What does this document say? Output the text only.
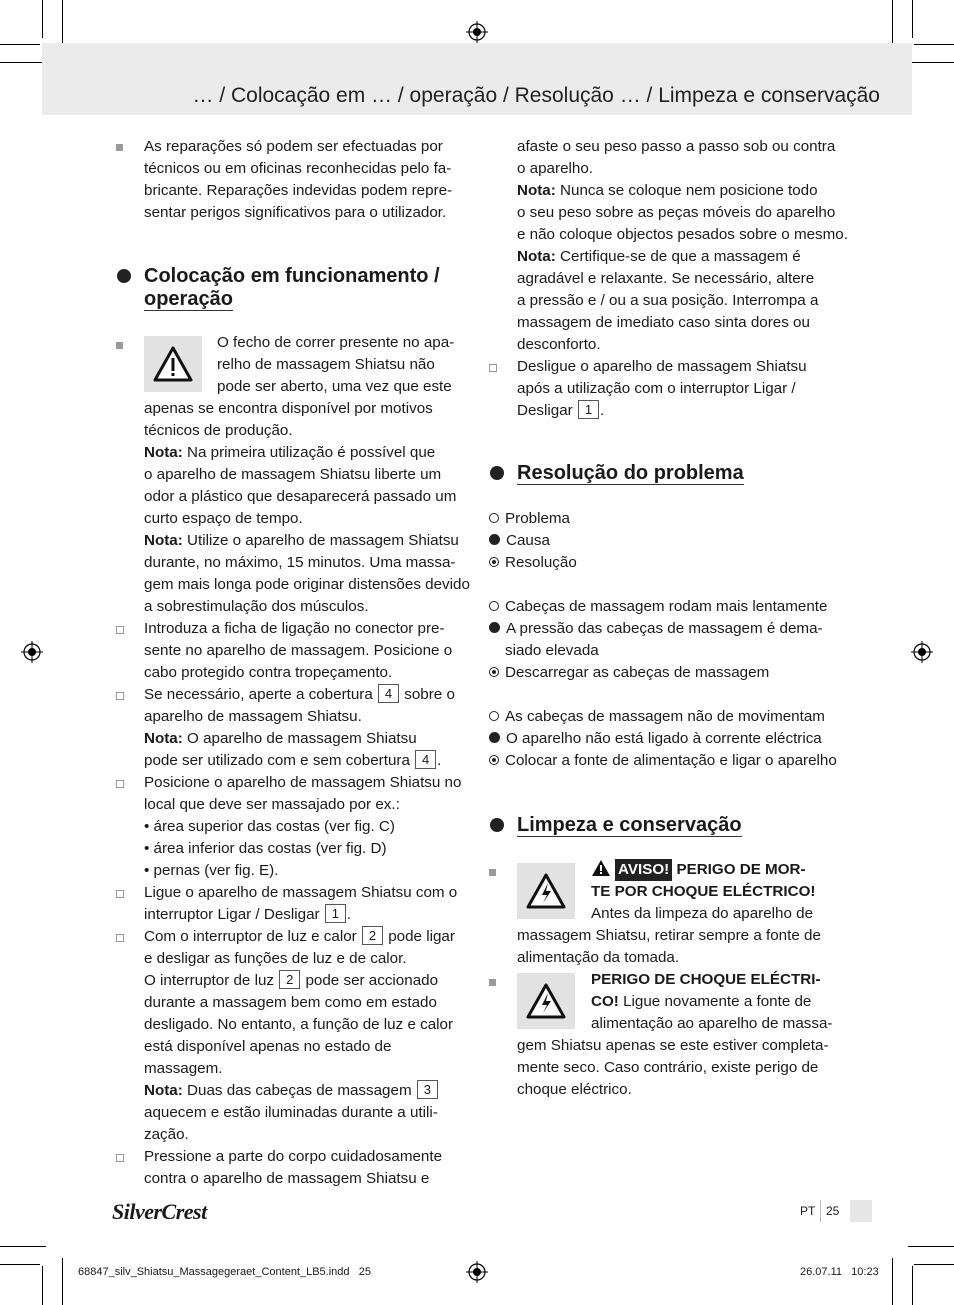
… / Colocação em … / operação / Resolução … / Limpeza e conservação
As reparações só podem ser efectuadas por
técnicos ou em oficinas reconhecidas pelo fa-
bricante. Reparações indevidas podem repre-
sentar perigos significativos para o utilizador.
Colocação em funcionamento /
operação
O fecho de correr presente no apa-
relho de massagem Shiatsu não
pode ser aberto, uma vez que este
apenas se encontra disponível por motivos
técnicos de produção.
Nota: Na primeira utilização é possível que
o aparelho de massagem Shiatsu liberte um
odor a plástico que desaparecerá passado um
curto espaço de tempo.
Nota: Utilize o aparelho de massagem Shiatsu
durante, no máximo, 15 minutos. Uma massa-
gem mais longa pode originar distensões devido
a sobrestimulação dos músculos.
Introduza a ficha de ligação no conector pre-
sente no aparelho de massagem. Posicione o
cabo protegido contra tropeçamento.
Se necessário, aperte a cobertura 4 sobre o
aparelho de massagem Shiatsu.
Nota: O aparelho de massagem Shiatsu
pode ser utilizado com e sem cobertura 4 .
Posicione o aparelho de massagem Shiatsu no
local que deve ser massajado por ex.:
• área superior das costas (ver fig. C)
• área inferior das costas (ver fig. D)
• pernas (ver fig. E).
Ligue o aparelho de massagem Shiatsu com o
interruptor Ligar / Desligar 1 .
Com o interruptor de luz e calor 2 pode ligar
e desligar as funções de luz e de calor.
O interruptor de luz 2 pode ser accionado
durante a massagem bem como em estado
desligado. No entanto, a função de luz e calor
está disponível apenas no estado de massagem.
Nota: Duas das cabeças de massagem 3
aquecem e estão iluminadas durante a utili-
zação.
Pressione a parte do corpo cuidadosamente
contra o aparelho de massagem Shiatsu e
afaste o seu peso passo a passo sob ou contra
o aparelho.
Nota: Nunca se coloque nem posicione todo
o seu peso sobre as peças móveis do aparelho
e não coloque objectos pesados sobre o mesmo.
Nota: Certifique-se de que a massagem é
agradável e relaxante. Se necessário, altere
a pressão e / ou a sua posição. Interrompa a
massagem de imediato caso sinta dores ou
desconforto.
Desligue o aparelho de massagem Shiatsu
após a utilização com o interruptor Ligar /
Desligar 1 .
Resolução do problema
Problema
Causa
Resolução
Cabeças de massagem rodam mais lentamente
A pressão das cabeças de massagem é dema-
siado elevada
Descarregar as cabeças de massagem
As cabeças de massagem não de movimentam
O aparelho não está ligado à corrente eléctrica
Colocar a fonte de alimentação e ligar o aparelho
Limpeza e conservação
AVISO! PERIGO DE MOR-
TE POR CHOQUE ELÉCTRICO!
Antes da limpeza do aparelho de
massagem Shiatsu, retirar sempre a fonte de
alimentação da tomada.
PERIGO DE CHOQUE ELÉCTRI-
CO! Ligue novamente a fonte de
alimentação ao aparelho de massa-
gem Shiatsu apenas se este estiver completa-
mente seco. Caso contrário, existe perigo de
choque eléctrico.
SilverCrest	PT 25
68847_silv_Shiatsu_Massagegeraet_Content_LB5.indd   25	26.07.11   10:23
